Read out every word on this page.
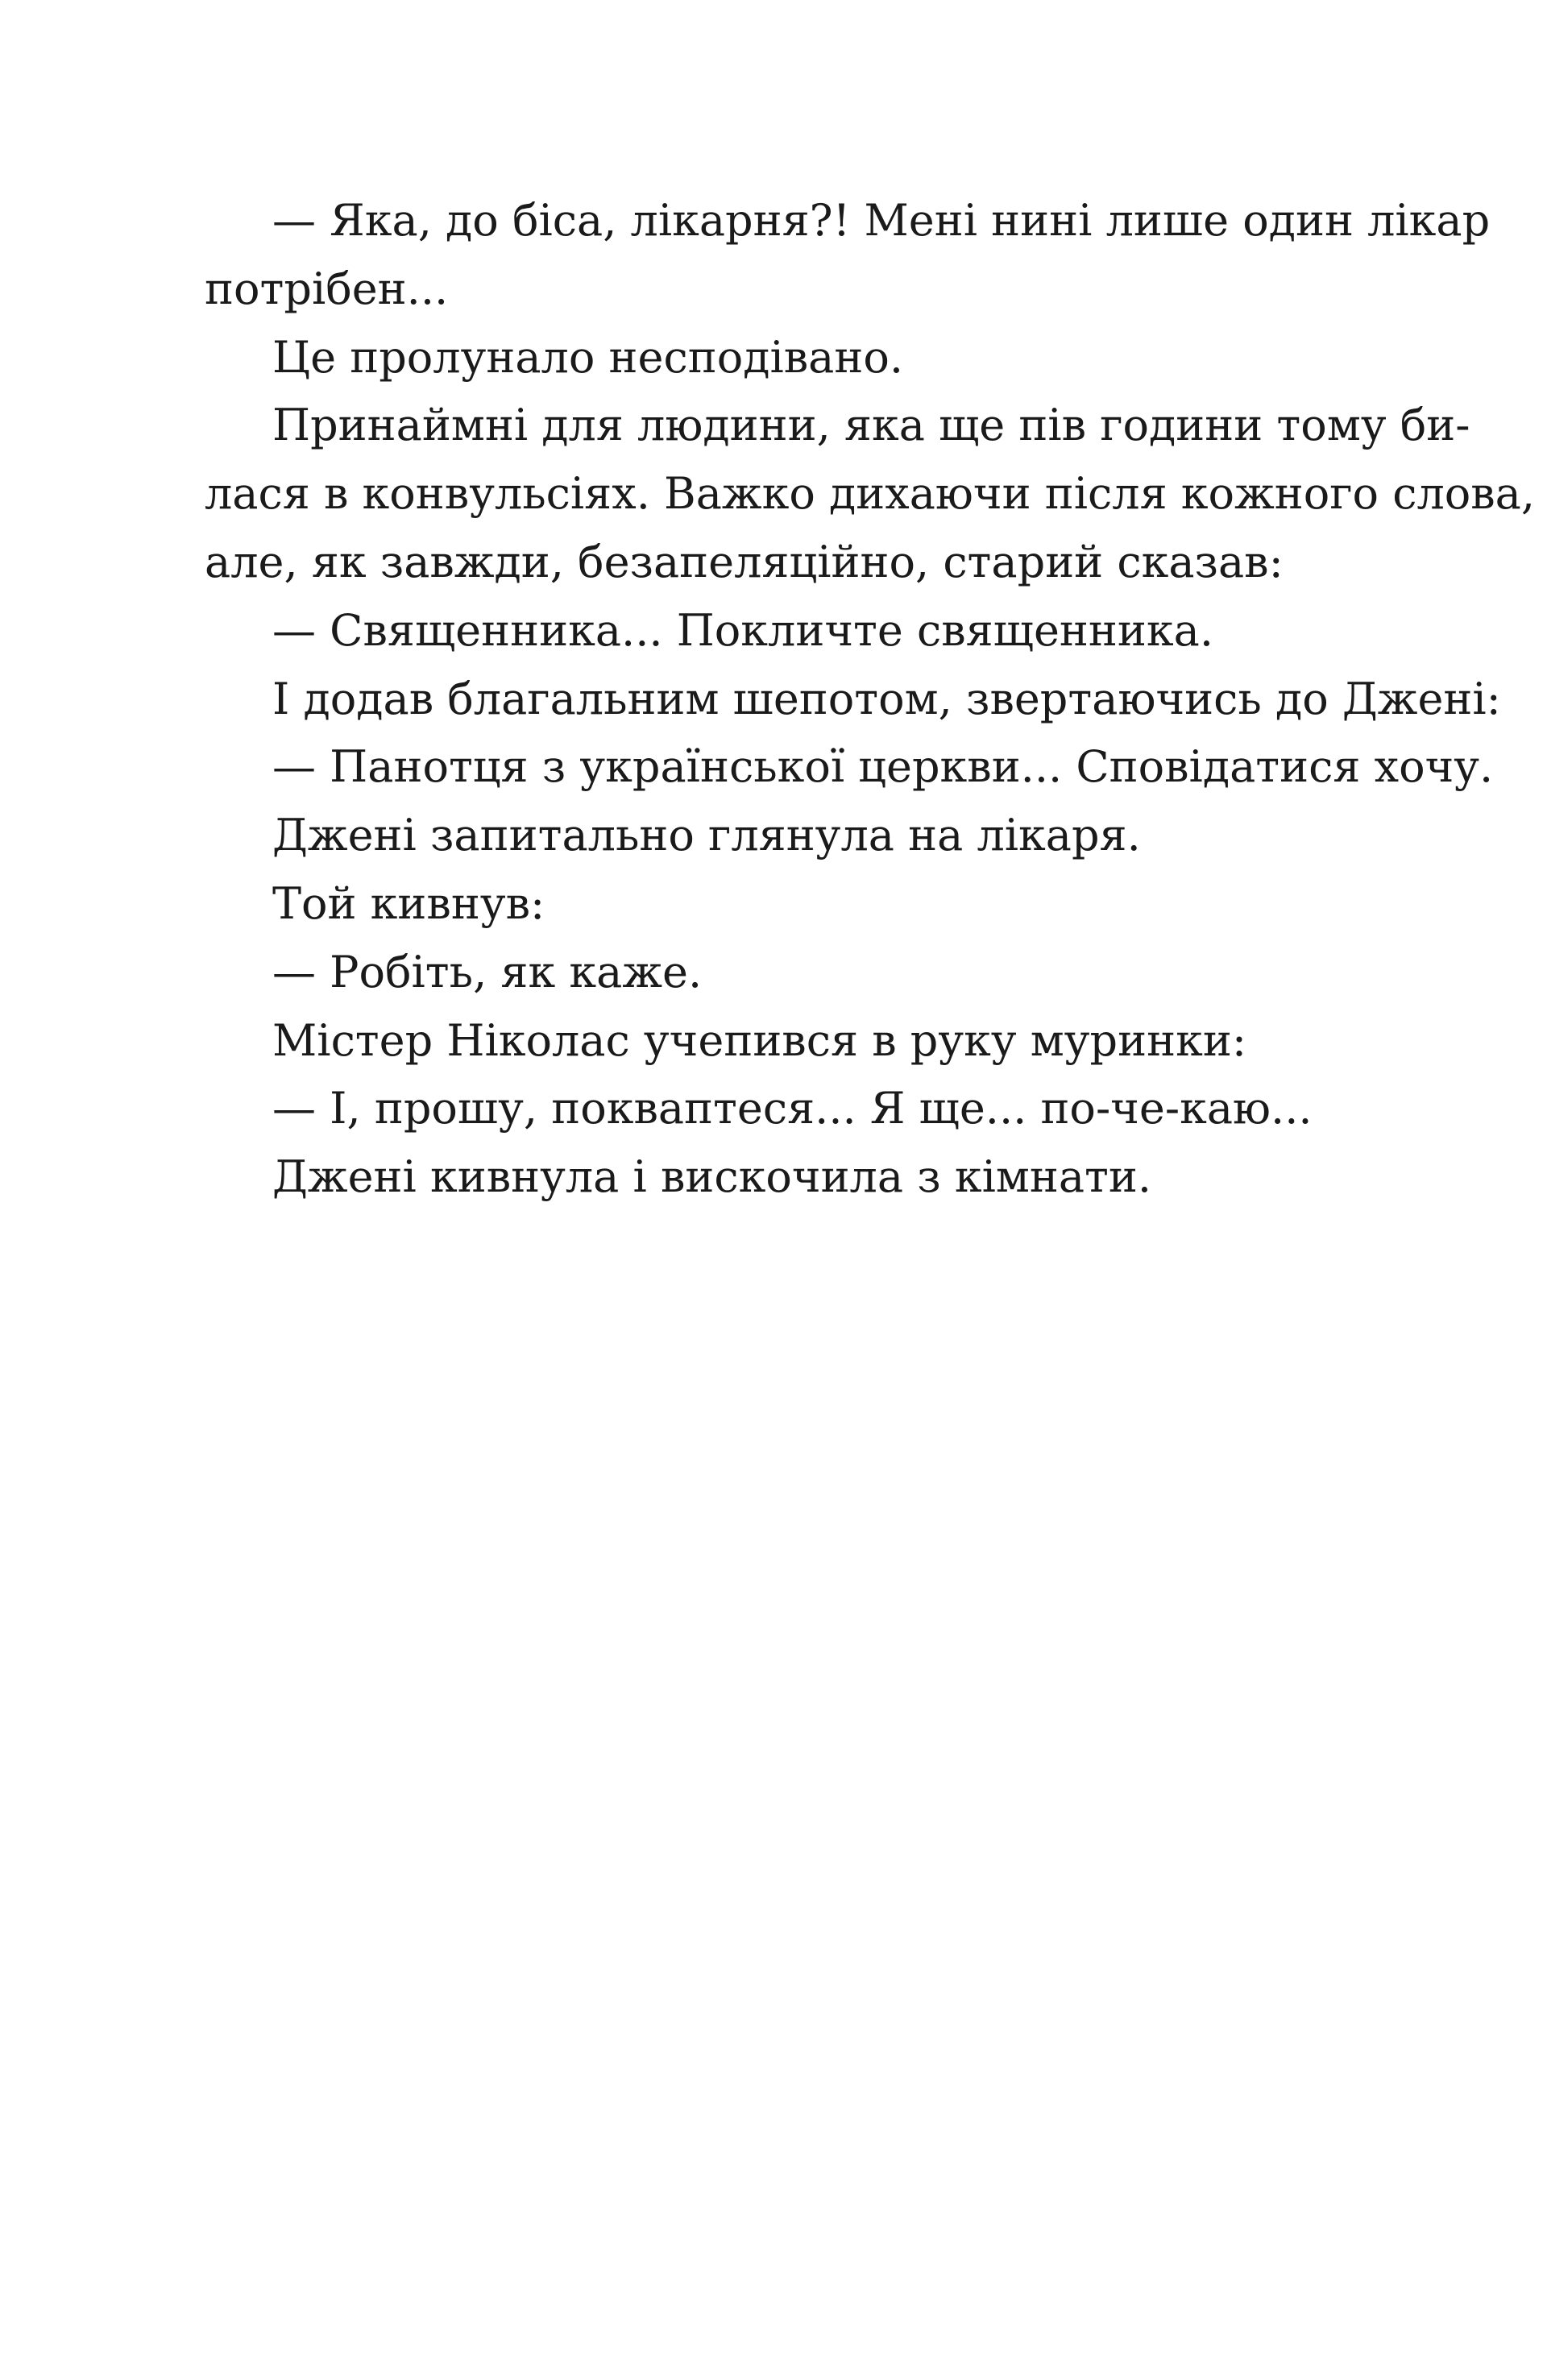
— Яка, до біса, лікарня?! Мені нині лише один лікар
потрібен...

Це пролунало несподівано.

Принаймні для людини, яка ще пів години тому би-
лася в конвульсіях. Важко дихаючи після кожного слова,
але, як завжди, безапеляційно, старий сказав:

— Священника... Покличте священника.

І додав благальним шепотом, звертаючись до Джені:

— Панотця з української церкви... Сповідатися хочу.

Джені запитально глянула на лікаря.

Той кивнув:

— Робіть, як каже.

Містер Ніколас учепився в руку муринки:

— І, прошу, покваптеся... Я ще... по-че-каю...

Джені кивнула і вискочила з кімнати.
